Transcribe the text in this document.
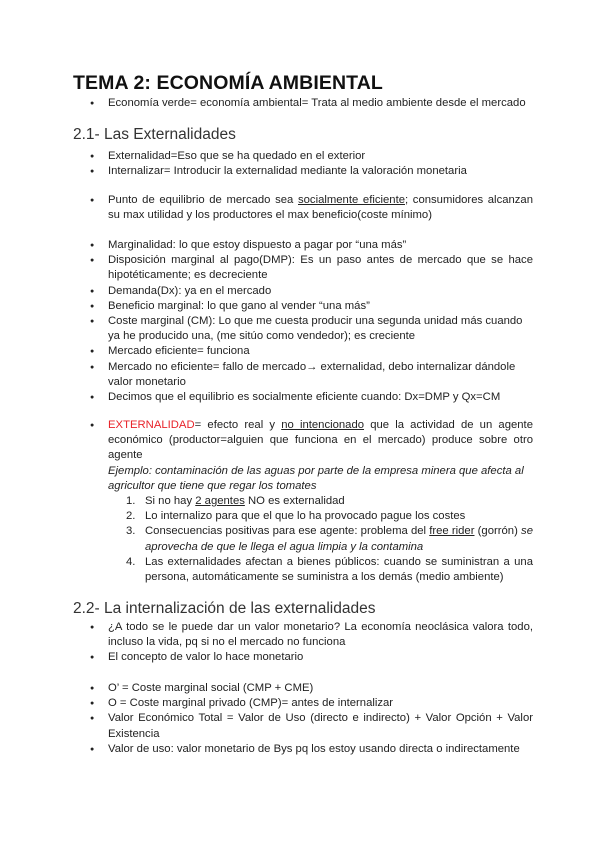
TEMA 2: ECONOMÍA AMBIENTAL
● Economía verde= economía ambiental= Trata al medio ambiente desde el mercado
2.1- Las Externalidades
● Externalidad=Eso que se ha quedado en el exterior
● Internalizar= Introducir la externalidad mediante la valoración monetaria
● Punto de equilibrio de mercado sea socialmente eficiente; consumidores alcanzan su max utilidad y los productores el max beneficio(coste mínimo)
● Marginalidad: lo que estoy dispuesto a pagar por “una más”
● Disposición marginal al pago(DMP): Es un paso antes de mercado que se hace hipotéticamente; es decreciente
● Demanda(Dx): ya en el mercado
● Beneficio marginal: lo que gano al vender “una más”
● Coste marginal (CM): Lo que me cuesta producir una segunda unidad más cuando ya he producido una, (me sitúo como vendedor); es creciente
● Mercado eficiente= funciona
● Mercado no eficiente= fallo de mercado→ externalidad, debo internalizar dándole valor monetario
● Decimos que el equilibrio es socialmente eficiente cuando: Dx=DMP y Qx=CM
● EXTERNALIDAD= efecto real y no intencionado que la actividad de un agente económico (productor=alguien que funciona en el mercado) produce sobre otro agente
Ejemplo: contaminación de las aguas por parte de la empresa minera que afecta al agricultor que tiene que regar los tomates
1. Si no hay 2 agentes NO es externalidad
2. Lo internalizo para que el que lo ha provocado pague los costes
3. Consecuencias positivas para ese agente: problema del free rider (gorrón) se aprovecha de que le llega el agua limpia y la contamina
4. Las externalidades afectan a bienes públicos: cuando se suministran a una persona, automáticamente se suministra a los demás (medio ambiente)
2.2- La internalización de las externalidades
● ¿A todo se le puede dar un valor monetario? La economía neoclásica valora todo, incluso la vida, pq si no el mercado no funciona
● El concepto de valor lo hace monetario
● O’ = Coste marginal social (CMP + CME)
● O = Coste marginal privado (CMP)= antes de internalizar
● Valor Económico Total = Valor de Uso (directo e indirecto) + Valor Opción + Valor Existencia
● Valor de uso: valor monetario de Bys pq los estoy usando directa o indirectamente
